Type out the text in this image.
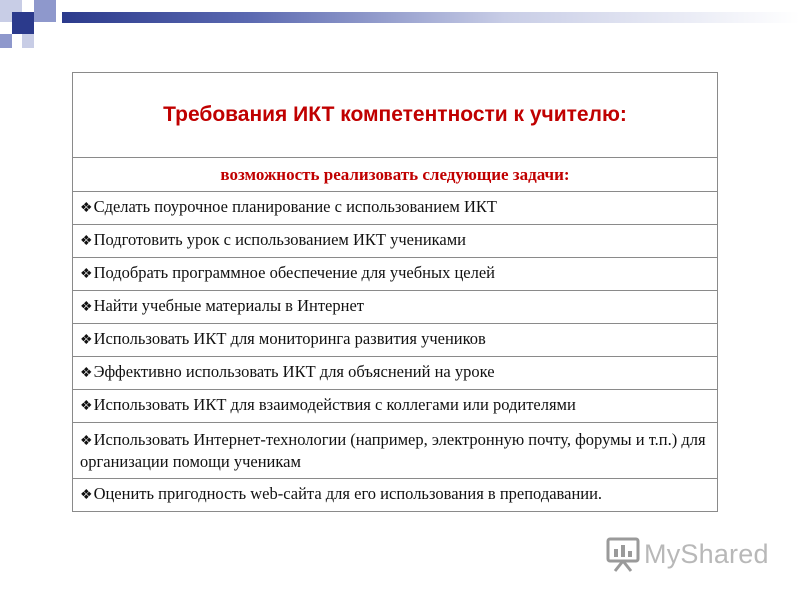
Требования ИКТ компетентности к учителю:
возможность реализовать следующие задачи:
❖Сделать поурочное планирование с использованием ИКТ
❖Подготовить урок с использованием ИКТ учениками
❖Подобрать программное обеспечение для учебных целей
❖Найти учебные материалы в Интернет
❖Использовать ИКТ для мониторинга развития учеников
❖Эффективно использовать ИКТ для объяснений на уроке
❖Использовать ИКТ для взаимодействия с коллегами или родителями
❖Использовать Интернет-технологии (например, электронную почту, форумы и т.п.) для организации помощи ученикам
❖Оценить пригодность web-сайта для его использования в преподавании.
MyShared
